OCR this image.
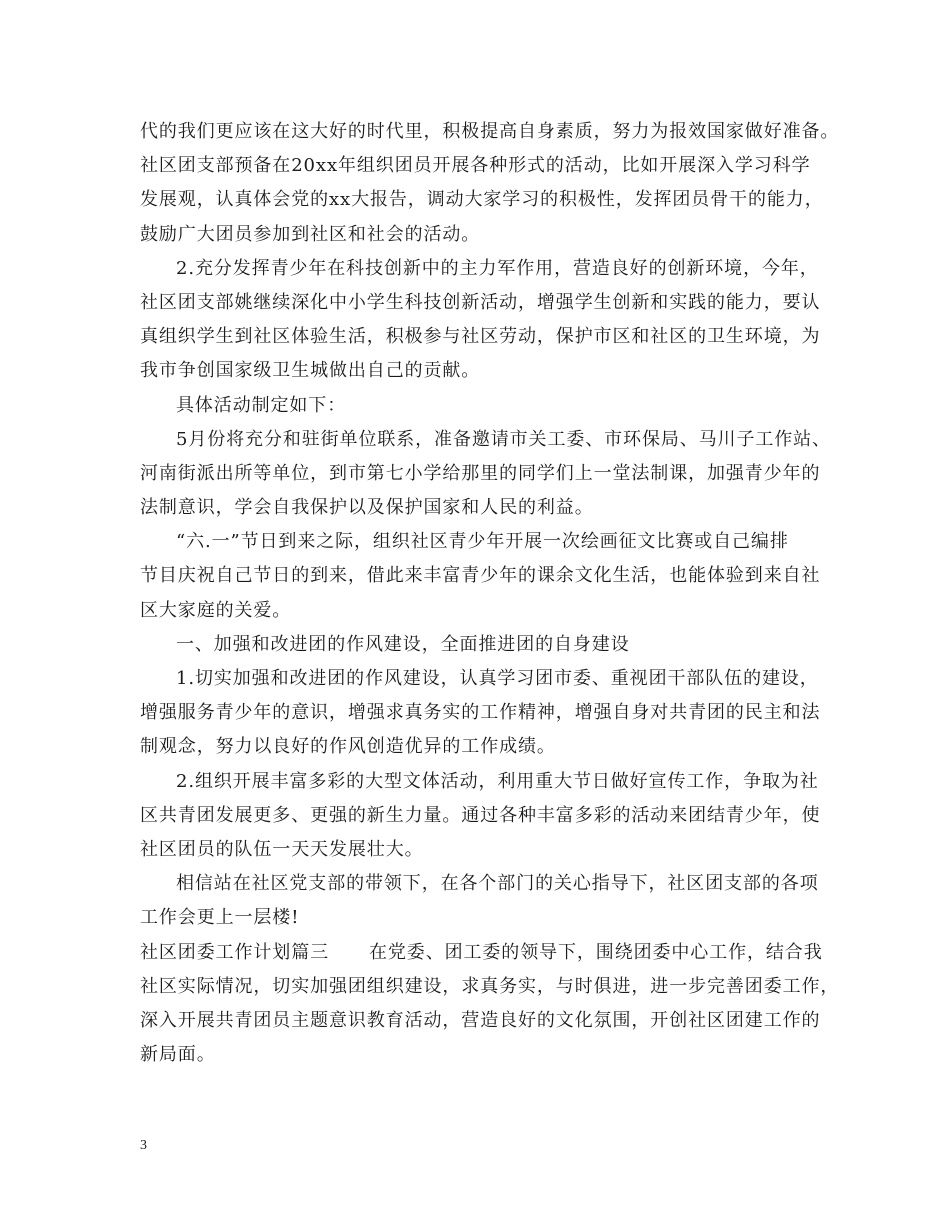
代的我们更应该在这大好的时代里，积极提高自身素质，努力为报效国家做好准备。
社区团支部预备在20xx年组织团员开展各种形式的活动，比如开展深入学习科学
发展观，认真体会党的xx大报告，调动大家学习的积极性，发挥团员骨干的能力，
鼓励广大团员参加到社区和社会的活动。
2.充分发挥青少年在科技创新中的主力军作用，营造良好的创新环境，今年，
社区团支部姚继续深化中小学生科技创新活动，增强学生创新和实践的能力，要认
真组织学生到社区体验生活，积极参与社区劳动，保护市区和社区的卫生环境，为
我市争创国家级卫生城做出自己的贡献。
具体活动制定如下：
5月份将充分和驻街单位联系，准备邀请市关工委、市环保局、马川子工作站、
河南街派出所等单位，到市第七小学给那里的同学们上一堂法制课，加强青少年的
法制意识，学会自我保护以及保护国家和人民的利益。
“六.一”节日到来之际，组织社区青少年开展一次绘画征文比赛或自己编排
节目庆祝自己节日的到来，借此来丰富青少年的课余文化生活，也能体验到来自社
区大家庭的关爱。
一、加强和改进团的作风建设，全面推进团的自身建设
1.切实加强和改进团的作风建设，认真学习团市委、重视团干部队伍的建设，
增强服务青少年的意识，增强求真务实的工作精神，增强自身对共青团的民主和法
制观念，努力以良好的作风创造优异的工作成绩。
2.组织开展丰富多彩的大型文体活动，利用重大节日做好宣传工作，争取为社
区共青团发展更多、更强的新生力量。通过各种丰富多彩的活动来团结青少年，使
社区团员的队伍一天天发展壮大。
相信站在社区党支部的带领下，在各个部门的关心指导下，社区团支部的各项
工作会更上一层楼!
社区团委工作计划篇三 在党委、团工委的领导下，围绕团委中心工作，结合我
社区实际情况，切实加强团组织建设，求真务实，与时俱进，进一步完善团委工作，
深入开展共青团员主题意识教育活动，营造良好的文化氛围，开创社区团建工作的
新局面。
3
